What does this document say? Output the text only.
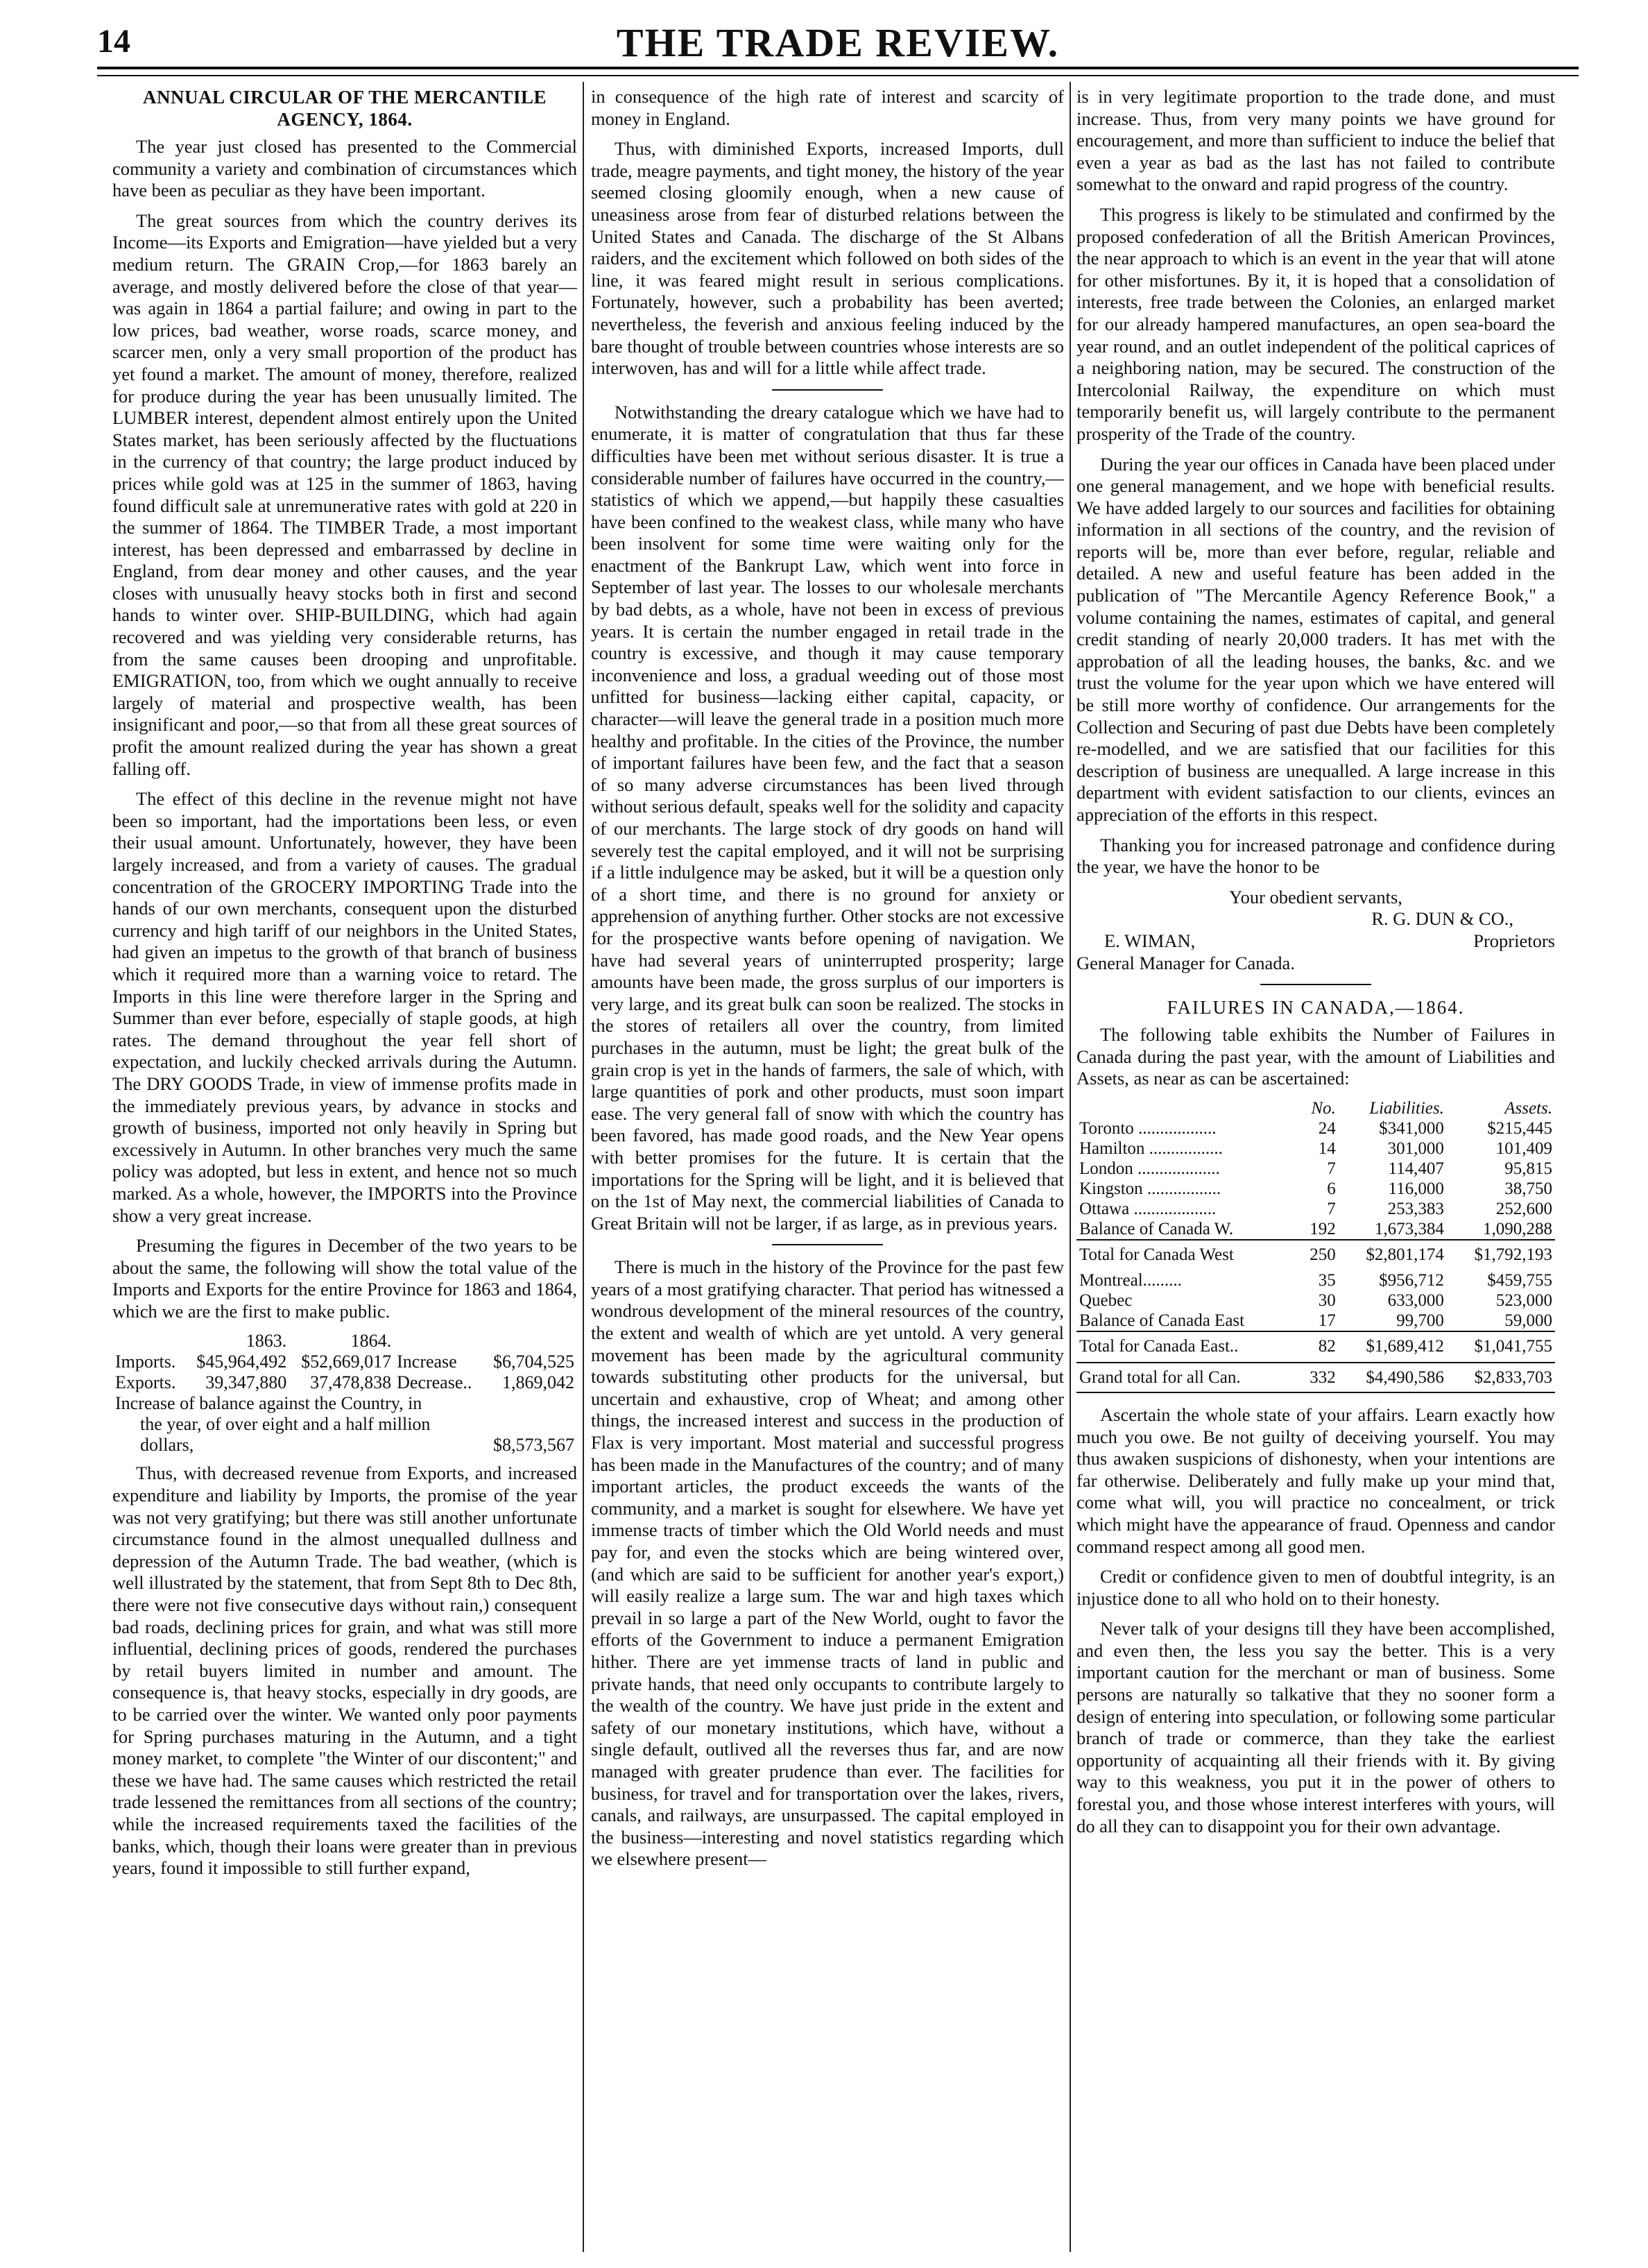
14	THE TRADE REVIEW.
ANNUAL CIRCULAR OF THE MERCANTILE
AGENCY, 1864.

The year just closed has presented to the Commercial community a variety and combination of circumstances which have been as peculiar as they have been important.

The great sources from which the country derives its Income—its Exports and Emigration—have yielded but a very medium return. The GRAIN Crop,—for 1863 barely an average, and mostly delivered before the close of that year—was again in 1864 a partial failure; and owing in part to the low prices, bad weather, worse roads, scarce money, and scarcer men, only a very small proportion of the product has yet found a market. The amount of money, therefore, realized for produce during the year has been unusually limited. The LUMBER interest, dependent almost entirely upon the United States market, has been seriously affected by the fluctuations in the currency of that country; the large product induced by prices while gold was at 125 in the summer of 1863, having found difficult sale at unremunerative rates with gold at 220 in the summer of 1864. The TIMBER Trade, a most important interest, has been depressed and embarrassed by decline in England, from dear money and other causes, and the year closes with unusually heavy stocks both in first and second hands to winter over. SHIP-BUILDING, which had again recovered and was yielding very considerable returns, has from the same causes been drooping and unprofitable. EMIGRATION, too, from which we ought annually to receive largely of material and prospective wealth, has been insignificant and poor,—so that from all these great sources of profit the amount realized during the year has shown a great falling off.

The effect of this decline in the revenue might not have been so important, had the importations been less, or even their usual amount. Unfortunately, however, they have been largely increased, and from a variety of causes. The gradual concentration of the GROCERY IMPORTING Trade into the hands of our own merchants, consequent upon the disturbed currency and high tariff of our neighbors in the United States, had given an impetus to the growth of that branch of business which it required more than a warning voice to retard. The Imports in this line were therefore larger in the Spring and Summer than ever before, especially of staple goods, at high rates. The demand throughout the year fell short of expectation, and luckily checked arrivals during the Autumn. The DRY GOODS Trade, in view of immense profits made in the immediately previous years, by advance in stocks and growth of business, imported not only heavily in Spring but excessively in Autumn. In other branches very much the same policy was adopted, but less in extent, and hence not so much marked. As a whole, however, the IMPORTS into the Province show a very great increase.

Presuming the figures in December of the two years to be about the same, the following will show the total value of the Imports and Exports for the entire Province for 1863 and 1864, which we are the first to make public.

	1863.	1864.		
Imports.	$45,964,492	$52,669,017	Increase	$6,704,525
Exports.	39,347,880	37,478,838	Decrease..	1,869,042
Increase of balance against the Country, in				
the year, of over eight and a half million				
dollars,			$8,573,567	

Thus, with decreased revenue from Exports, and increased expenditure and liability by Imports, the promise of the year was not very gratifying; but there was still another unfortunate circumstance found in the almost unequalled dullness and depression of the Autumn Trade. The bad weather, (which is well illustrated by the statement, that from Sept 8th to Dec 8th, there were not five consecutive days without rain,) consequent bad roads, declining prices for grain, and what was still more influential, declining prices of goods, rendered the purchases by retail buyers limited in number and amount. The consequence is, that heavy stocks, especially in dry goods, are to be carried over the winter. We wanted only poor payments for Spring purchases maturing in the Autumn, and a tight money market, to complete "the Winter of our discontent;" and these we have had. The same causes which restricted the retail trade lessened the remittances from all sections of the country; while the increased requirements taxed the facilities of the banks, which, though their loans were greater than in previous years, found it impossible to still further expand,

in consequence of the high rate of interest and scarcity of money in England.

Thus, with diminished Exports, increased Imports, dull trade, meagre payments, and tight money, the history of the year seemed closing gloomily enough, when a new cause of uneasiness arose from fear of disturbed relations between the United States and Canada. The discharge of the St Albans raiders, and the excitement which followed on both sides of the line, it was feared might result in serious complications. Fortunately, however, such a probability has been averted; nevertheless, the feverish and anxious feeling induced by the bare thought of trouble between countries whose interests are so interwoven, has and will for a little while affect trade.

Notwithstanding the dreary catalogue which we have had to enumerate, it is matter of congratulation that thus far these difficulties have been met without serious disaster. It is true a considerable number of failures have occurred in the country,—statistics of which we append,—but happily these casualties have been confined to the weakest class, while many who have been insolvent for some time were waiting only for the enactment of the Bankrupt Law, which went into force in September of last year. The losses to our wholesale merchants by bad debts, as a whole, have not been in excess of previous years. It is certain the number engaged in retail trade in the country is excessive, and though it may cause temporary inconvenience and loss, a gradual weeding out of those most unfitted for business—lacking either capital, capacity, or character—will leave the general trade in a position much more healthy and profitable. In the cities of the Province, the number of important failures have been few, and the fact that a season of so many adverse circumstances has been lived through without serious default, speaks well for the solidity and capacity of our merchants. The large stock of dry goods on hand will severely test the capital employed, and it will not be surprising if a little indulgence may be asked, but it will be a question only of a short time, and there is no ground for anxiety or apprehension of anything further. Other stocks are not excessive for the prospective wants before opening of navigation. We have had several years of uninterrupted prosperity; large amounts have been made, the gross surplus of our importers is very large, and its great bulk can soon be realized. The stocks in the stores of retailers all over the country, from limited purchases in the autumn, must be light; the great bulk of the grain crop is yet in the hands of farmers, the sale of which, with large quantities of pork and other products, must soon impart ease. The very general fall of snow with which the country has been favored, has made good roads, and the New Year opens with better promises for the future. It is certain that the importations for the Spring will be light, and it is believed that on the 1st of May next, the commercial liabilities of Canada to Great Britain will not be larger, if as large, as in previous years.

There is much in the history of the Province for the past few years of a most gratifying character. That period has witnessed a wondrous development of the mineral resources of the country, the extent and wealth of which are yet untold. A very general movement has been made by the agricultural community towards substituting other products for the universal, but uncertain and exhaustive, crop of Wheat; and among other things, the increased interest and success in the production of Flax is very important. Most material and successful progress has been made in the Manufactures of the country; and of many important articles, the product exceeds the wants of the community, and a market is sought for elsewhere. We have yet immense tracts of timber which the Old World needs and must pay for, and even the stocks which are being wintered over, (and which are said to be sufficient for another year's export,) will easily realize a large sum. The war and high taxes which prevail in so large a part of the New World, ought to favor the efforts of the Government to induce a permanent Emigration hither. There are yet immense tracts of land in public and private hands, that need only occupants to contribute largely to the wealth of the country. We have just pride in the extent and safety of our monetary institutions, which have, without a single default, outlived all the reverses thus far, and are now managed with greater prudence than ever. The facilities for business, for travel and for transportation over the lakes, rivers, canals, and railways, are unsurpassed. The capital employed in the business—interesting and novel statistics regarding which we elsewhere present—

is in very legitimate proportion to the trade done, and must increase. Thus, from very many points we have ground for encouragement, and more than sufficient to induce the belief that even a year as bad as the last has not failed to contribute somewhat to the onward and rapid progress of the country.

This progress is likely to be stimulated and confirmed by the proposed confederation of all the British American Provinces, the near approach to which is an event in the year that will atone for other misfortunes. By it, it is hoped that a consolidation of interests, free trade between the Colonies, an enlarged market for our already hampered manufactures, an open sea-board the year round, and an outlet independent of the political caprices of a neighboring nation, may be secured. The construction of the Intercolonial Railway, the expenditure on which must temporarily benefit us, will largely contribute to the permanent prosperity of the Trade of the country.

During the year our offices in Canada have been placed under one general management, and we hope with beneficial results. We have added largely to our sources and facilities for obtaining information in all sections of the country, and the revision of reports will be, more than ever before, regular, reliable and detailed. A new and useful feature has been added in the publication of "The Mercantile Agency Reference Book," a volume containing the names, estimates of capital, and general credit standing of nearly 20,000 traders. It has met with the approbation of all the leading houses, the banks, &c. and we trust the volume for the year upon which we have entered will be still more worthy of confidence. Our arrangements for the Collection and Securing of past due Debts have been completely re-modelled, and we are satisfied that our facilities for this description of business are unequalled. A large increase in this department with evident satisfaction to our clients, evinces an appreciation of the efforts in this respect.

Thanking you for increased patronage and confidence during the year, we have the honor to be

Your obedient servants,
R. G. DUN & CO.,
E. WIMAN,	Proprietors
General Manager for Canada.
FAILURES IN CANADA,—1864.

The following table exhibits the Number of Failures in Canada during the past year, with the amount of Liabilities and Assets, as near as can be ascertained:

	No.	Liabilities.	Assets.
Toronto ..................	24	$341,000	$215,445
Hamilton .................	14	301,000	101,409
London ...................	7	114,407	95,815
Kingston .................	6	116,000	38,750
Ottawa ...................	7	253,383	252,600
Balance of Canada W.	192	1,673,384	1,090,288
Total for Canada West	250	$2,801,174	$1,792,193

Montreal.........	35	$956,712	$459,755
Quebec	30	633,000	523,000
Balance of Canada East	17	99,700	59,000
Total for Canada East..	82	$1,689,412	$1,041,755

Grand total for all Can.	332	$4,490,586	$2,833,703

Ascertain the whole state of your affairs. Learn exactly how much you owe. Be not guilty of deceiving yourself. You may thus awaken suspicions of dishonesty, when your intentions are far otherwise. Deliberately and fully make up your mind that, come what will, you will practice no concealment, or trick which might have the appearance of fraud. Openness and candor command respect among all good men.

Credit or confidence given to men of doubtful integrity, is an injustice done to all who hold on to their honesty.

Never talk of your designs till they have been accomplished, and even then, the less you say the better. This is a very important caution for the merchant or man of business. Some persons are naturally so talkative that they no sooner form a design of entering into speculation, or following some particular branch of trade or commerce, than they take the earliest opportunity of acquainting all their friends with it. By giving way to this weakness, you put it in the power of others to forestal you, and those whose interest interferes with yours, will do all they can to disappoint you for their own advantage.
